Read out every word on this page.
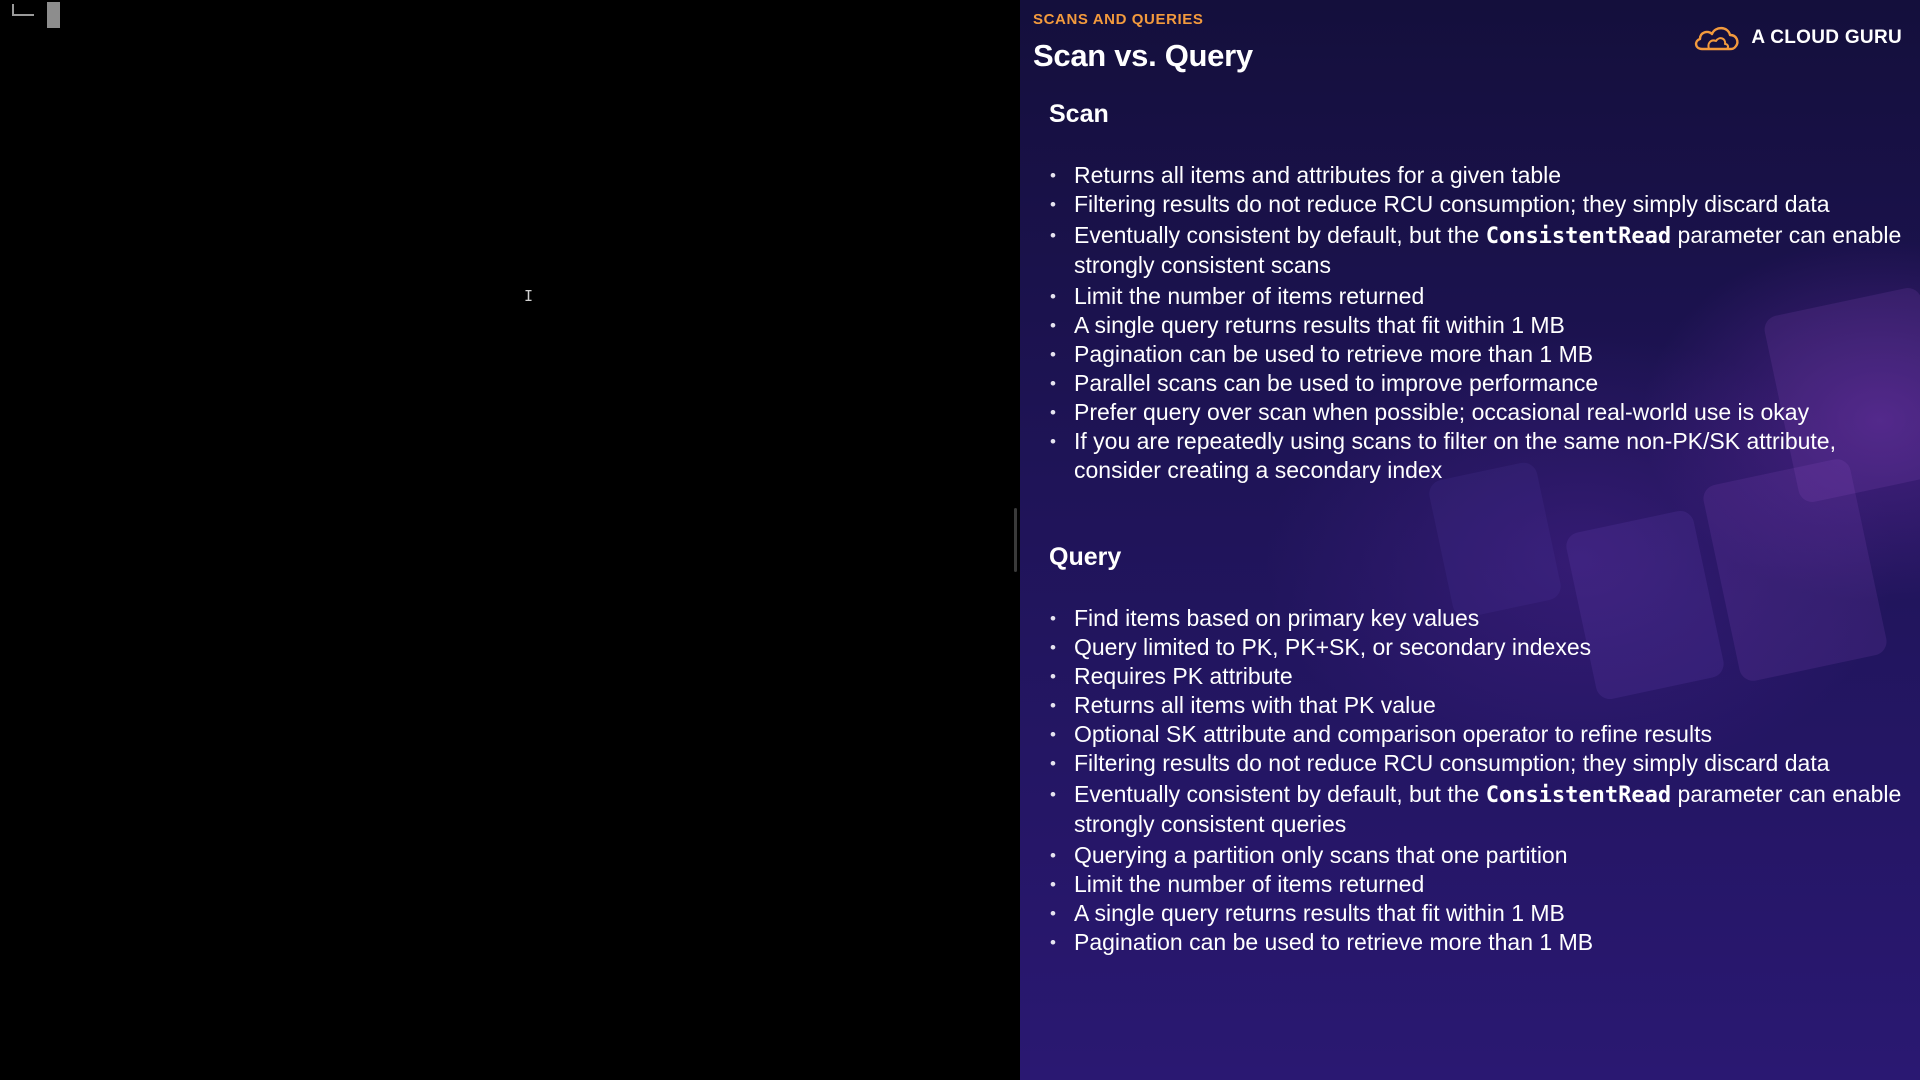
I
SCANS AND QUERIES
Scan vs. Query
A CLOUD GURU
Scan
• Returns all items and attributes for a given table
• Filtering results do not reduce RCU consumption; they simply discard data
• Eventually consistent by default, but the ConsistentRead parameter can enable strongly consistent scans
• Limit the number of items returned
• A single query returns results that fit within 1 MB
• Pagination can be used to retrieve more than 1 MB
• Parallel scans can be used to improve performance
• Prefer query over scan when possible; occasional real-world use is okay
• If you are repeatedly using scans to filter on the same non-PK/SK attribute, consider creating a secondary index
Query
• Find items based on primary key values
• Query limited to PK, PK+SK, or secondary indexes
• Requires PK attribute
• Returns all items with that PK value
• Optional SK attribute and comparison operator to refine results
• Filtering results do not reduce RCU consumption; they simply discard data
• Eventually consistent by default, but the ConsistentRead parameter can enable strongly consistent queries
• Querying a partition only scans that one partition
• Limit the number of items returned
• A single query returns results that fit within 1 MB
• Pagination can be used to retrieve more than 1 MB
